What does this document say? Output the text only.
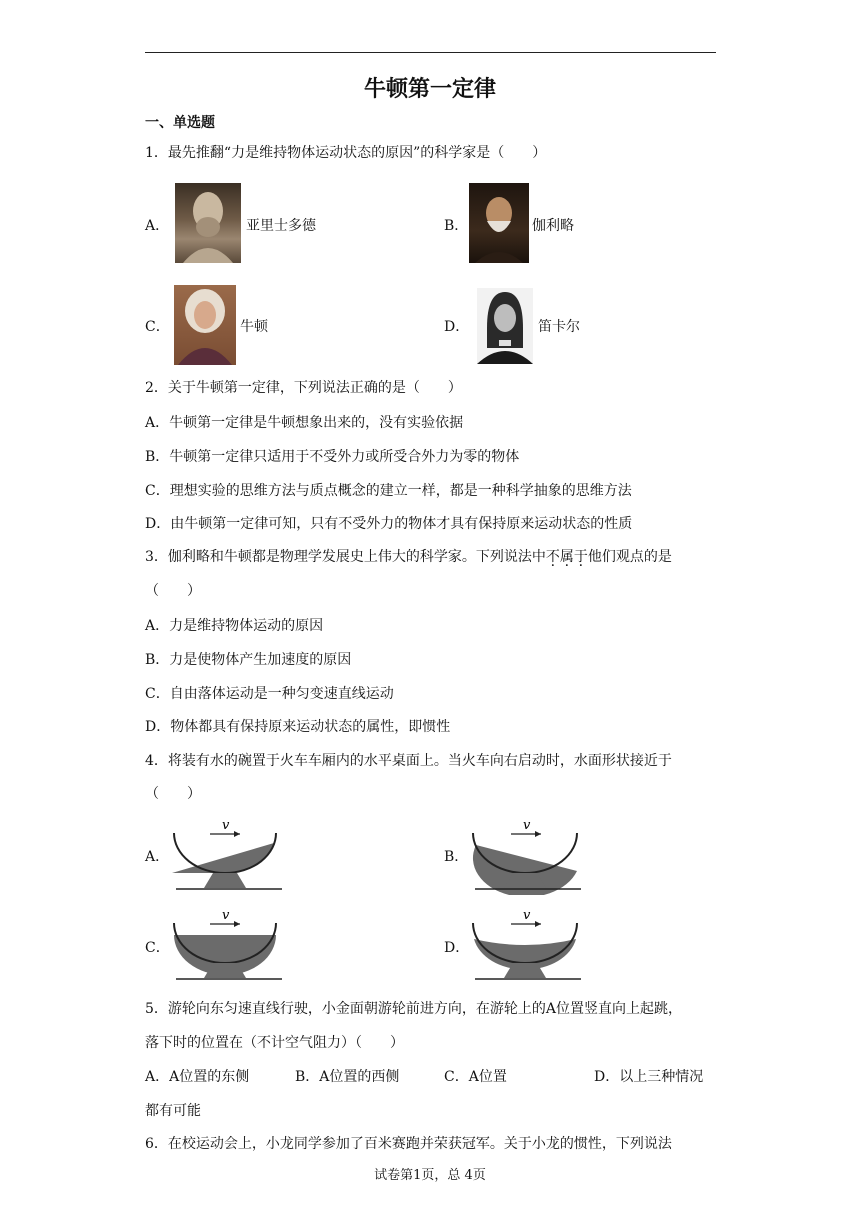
牛顿第一定律
一、单选题
1．最先推翻“力是维持物体运动状态的原因”的科学家是（　　）
A．	亚里士多德	B．	伽利略
C．	牛顿	D．	笛卡尔
2．关于牛顿第一定律，下列说法正确的是（　　）
A．牛顿第一定律是牛顿想象出来的，没有实验依据
B．牛顿第一定律只适用于不受外力或所受合外力为零的物体
C．理想实验的思维方法与质点概念的建立一样，都是一种科学抽象的思维方法
D．由牛顿第一定律可知，只有不受外力的物体才具有保持原来运动状态的性质
3．伽利略和牛顿都是物理学发展史上伟大的科学家。下列说法中不属于他们观点的是
（　　）
A．力是维持物体运动的原因
B．力是使物体产生加速度的原因
C．自由落体运动是一种匀变速直线运动
D．物体都具有保持原来运动状态的属性，即惯性
4．将装有水的碗置于火车车厢内的水平桌面上。当火车向右启动时，水面形状接近于
（　　）
A．
v
B．
v
C．
v
D．
v
5．游轮向东匀速直线行驶，小金面朝游轮前进方向，在游轮上的A位置竖直向上起跳，
落下时的位置在（不计空气阻力）（　　）
A．A位置的东侧	B．A位置的西侧	C．A位置	D．以上三种情况
都有可能
6．在校运动会上，小龙同学参加了百米赛跑并荣获冠军。关于小龙的惯性，下列说法
试卷第1页，总 4页
